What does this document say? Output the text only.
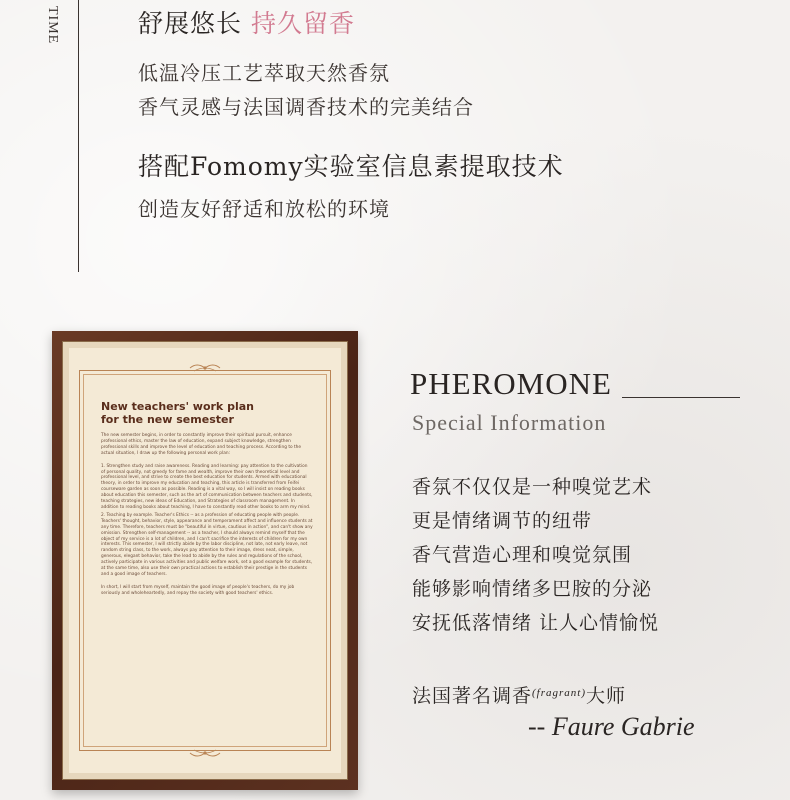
TIME	舒展悠长 持久留香

低温冷压工艺萃取天然香氛

香气灵感与法国调香技术的完美结合

搭配Fomomy实验室信息素提取技术

创造友好舒适和放松的环境

New teachers' work plan

for the new semester

The new semester begins, in order to constantly improve their spiritual pursuit, enhance professional ethics, master the law of education, expand subject knowledge, strengthen professional skills and improve the level of education and teaching process. According to the actual situation, I draw up the following personal work plan:

1. Strengthen study and raise awareness. Reading and learning: pay attention to the cultivation of personal quality, not greedy for fame and wealth, improve their own theoretical level and professional level, and strive to create the best education for students. Armed with educational theory, in order to improve my education and teaching, this article is transferred from Feifei courseware garden as soon as possible. Reading is a vital way, so I will insist on reading books about education this semester, such as the art of communication between teachers and students, teaching strategies, new ideas of Education, and Strategies of classroom management. In addition to reading books about teaching, I have to constantly read other books to arm my mind.

2. Teaching by example. Teacher's Ethics -- as a profession of educating people with people. Teachers' thought, behavior, style, appearance and temperament affect and influence students at any time. Therefore, teachers must be "beautiful in virtue, cautious in action", and can't show any omission. Strengthen self-management -- as a teacher, I should always remind myself that the object of my service is a lot of children, and I can't sacrifice the interests of children for my own interests. This semester, I will strictly abide by the labor discipline, not late, not early leave, not random string class, to the work, always pay attention to their image, dress neat, simple, generous, elegant behavior, take the lead to abide by the rules and regulations of the school, actively participate in various activities and public welfare work, set a good example for students, at the same time, also use their own practical actions to establish their prestige in the students and a good image of teachers.

In short, I will start from myself, maintain the good image of people's teachers, do my job seriously and wholeheartedly, and repay the society with good teachers' ethics.

PHEROMONE
Special Information
香氛不仅仅是一种嗅觉艺术
更是情绪调节的纽带
香气营造心理和嗅觉氛围
能够影响情绪多巴胺的分泌
安抚低落情绪 让人心情愉悦
法国著名调香$^{(fragrant)}$大师
-- Faure Gabrie
